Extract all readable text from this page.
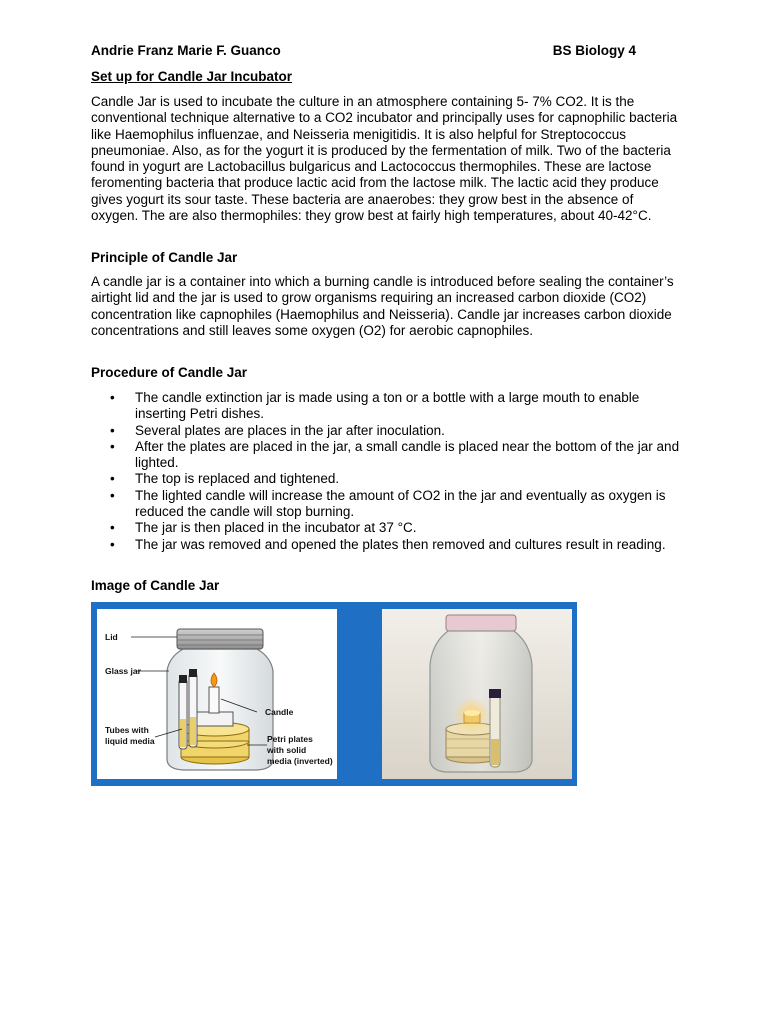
Andrie Franz Marie F. Guanco	BS Biology 4
Set up for Candle Jar Incubator
Candle Jar is used to incubate the culture in an atmosphere containing 5- 7% CO2. It is the conventional technique alternative to a CO2 incubator and principally uses for capnophilic bacteria like Haemophilus influenzae, and Neisseria menigitidis. It is also helpful for Streptococcus pneumoniae. Also, as for the yogurt it is produced by the fermentation of milk. Two of the bacteria found in yogurt are Lactobacillus bulgaricus and Lactococcus thermophiles. These are lactose feromenting bacteria that produce lactic acid from the lactose milk. The lactic acid they produce gives yogurt its sour taste. These bacteria are anaerobes: they grow best in the absence of oxygen. The are also thermophiles: they grow best at fairly high temperatures, about 40-42°C.
Principle of Candle Jar
A candle jar is a container into which a burning candle is introduced before sealing the container’s airtight lid and the jar is used to grow organisms requiring an increased carbon dioxide (CO2) concentration like capnophiles (Haemophilus and Neisseria). Candle jar increases carbon dioxide concentrations and still leaves some oxygen (O2) for aerobic capnophiles.
Procedure of Candle Jar
• The candle extinction jar is made using a ton or a bottle with a large mouth to enable inserting Petri dishes.
• Several plates are places in the jar after inoculation.
• After the plates are placed in the jar, a small candle is placed near the bottom of the jar and lighted.
• The top is replaced and tightened.
• The lighted candle will increase the amount of CO2 in the jar and eventually as oxygen is reduced the candle will stop burning.
• The jar is then placed in the incubator at 37 °C.
• The jar was removed and opened the plates then removed and cultures result in reading.
Image of Candle Jar
Lid
Glass jar
Tubes with
liquid media
Candle
Petri plates
with solid
media (inverted)
